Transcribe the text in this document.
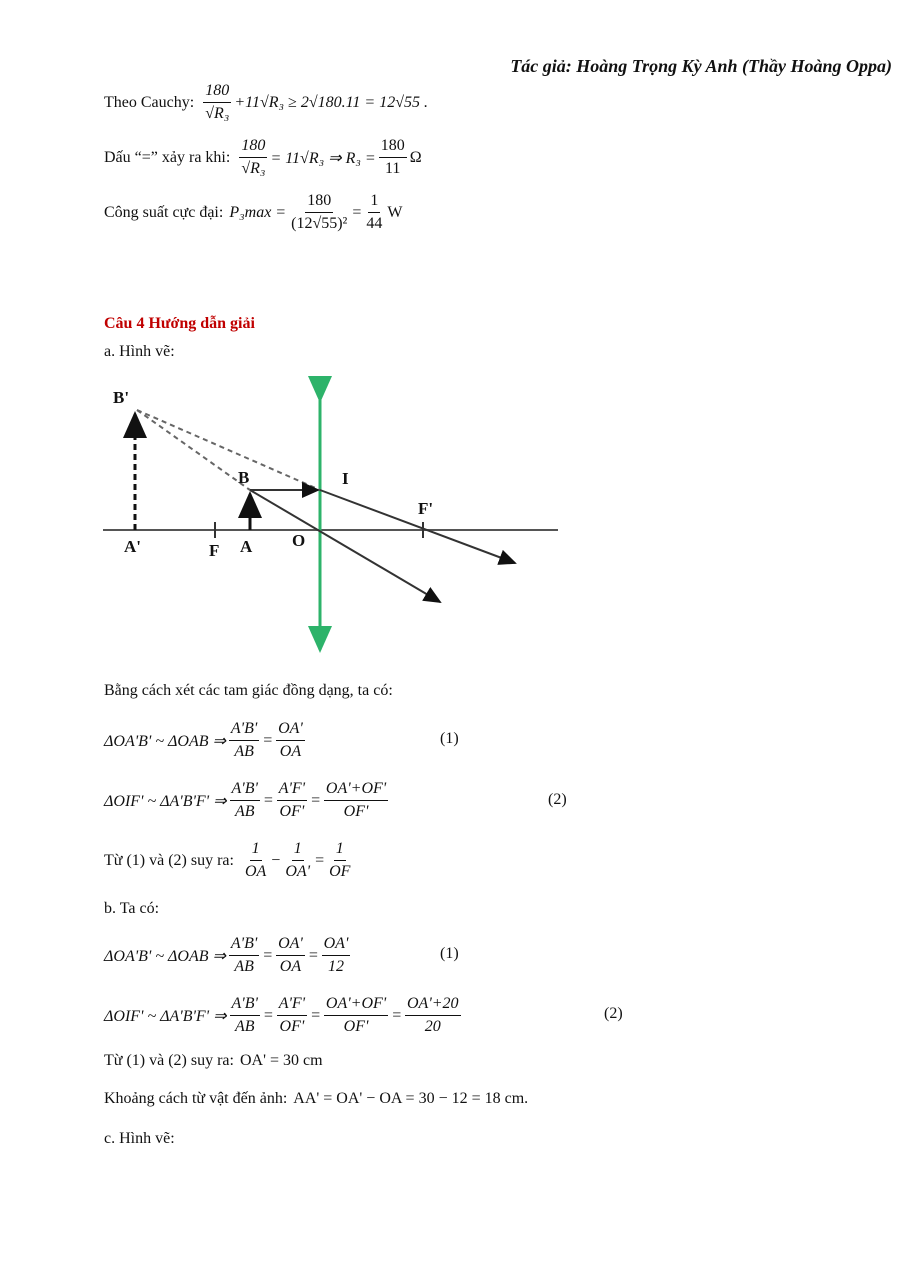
Tác giả: Hoàng Trọng Kỳ Anh (Thầy Hoàng Oppa)
Theo Cauchy: $\frac{180}{\text{√R₃}} +11√R_3 \ge 2√180.11 = 12√55$ .
Dấu “=” xảy ra khi: $\frac{180}{\text{√R₃}} = 11√R_3$ ⇒ $R_3 = \frac{180}{11}$ Ω
Công suất cực đại: $P_3\max = \frac{180}{\text{(12√55)²}} = \frac{1}{44}$ W
Câu 4 Hướng dẫn giải
a. Hình vẽ:
B'
B	I
F'
A'	F A O
Bằng cách xét các tam giác đồng dạng, ta có:
ΔOA'B' ~ ΔOAB ⇒ $\frac{A'B'}{AB} = \frac{OA'}{OA}$	(1)
ΔOIF' ~ ΔA'B'F' ⇒ $\frac{A'B'}{AB} = \frac{A'F'}{OF'} = \frac{OA'+OF'}{OF'}$	(2)
Từ (1) và (2) suy ra: $\frac{1}{OA} - \frac{1}{OA'} = \frac{1}{OF}$
b. Ta có:
ΔOA'B' ~ ΔOAB ⇒ $\frac{A'B'}{AB} = \frac{OA'}{OA} = \frac{OA'}{12}$	(1)
ΔOIF' ~ ΔA'B'F' ⇒ $\frac{A'B'}{AB} = \frac{A'F'}{OF'} = \frac{OA'+OF'}{OF'} = \frac{OA'+20}{20}$	(2)
Từ (1) và (2) suy ra: OA' = 30 cm
Khoảng cách từ vật đến ảnh: AA' = OA' − OA = 30 − 12 = 18 cm.
c. Hình vẽ:
